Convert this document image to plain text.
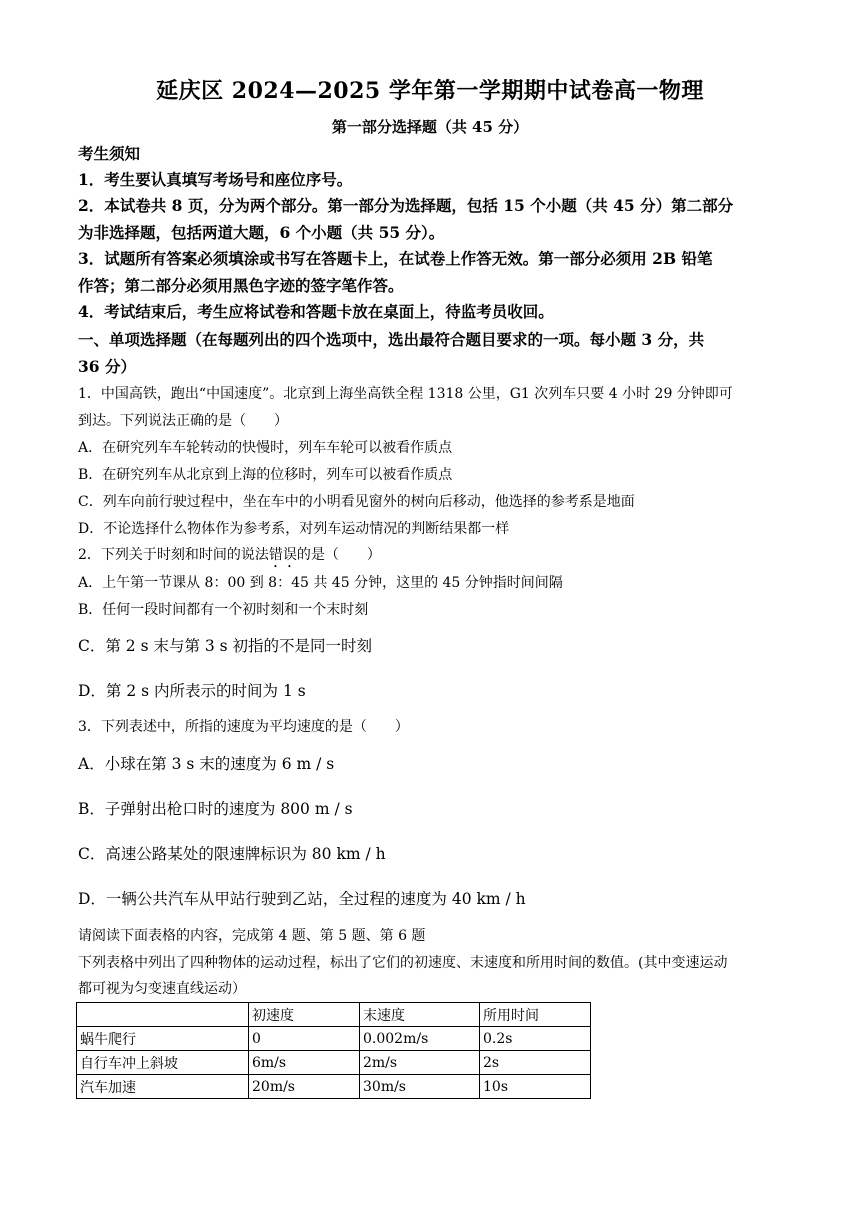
延庆区 2024—2025 学年第一学期期中试卷高一物理
第一部分选择题（共 45 分）
考生须知
1．考生要认真填写考场号和座位序号。
2．本试卷共 8 页，分为两个部分。第一部分为选择题，包括 15 个小题（共 45 分）第二部分
为非选择题，包括两道大题，6 个小题（共 55 分）。
3．试题所有答案必须填涂或书写在答题卡上，在试卷上作答无效。第一部分必须用 2B 铅笔
作答；第二部分必须用黑色字迹的签字笔作答。
4．考试结束后，考生应将试卷和答题卡放在桌面上，待监考员收回。
一、单项选择题（在每题列出的四个选项中，选出最符合题目要求的一项。每小题 3 分，共
36 分）
1．中国高铁，跑出“中国速度”。北京到上海坐高铁全程 1318 公里，G1 次列车只要 4 小时 29 分钟即可
到达。下列说法正确的是（　　）
A．在研究列车车轮转动的快慢时，列车车轮可以被看作质点
B．在研究列车从北京到上海的位移时，列车可以被看作质点
C．列车向前行驶过程中，坐在车中的小明看见窗外的树向后移动，他选择的参考系是地面
D．不论选择什么物体作为参考系，对列车运动情况的判断结果都一样
2．下列关于时刻和时间的说法错误的是（　　）
A．上午第一节课从 8：00 到 8：45 共 45 分钟，这里的 45 分钟指时间间隔
B．任何一段时间都有一个初时刻和一个末时刻
C．第 2 s 末与第 3 s 初指的不是同一时刻
D．第 2 s 内所表示的时间为 1 s
3．下列表述中，所指的速度为平均速度的是（　　）
A．小球在第 3 s 末的速度为 6 m / s
B．子弹射出枪口时的速度为 800 m / s
C．高速公路某处的限速牌标识为 80 km / h
D．一辆公共汽车从甲站行驶到乙站，全过程的速度为 40 km / h
请阅读下面表格的内容，完成第 4 题、第 5 题、第 6 题
下列表格中列出了四种物体的运动过程，标出了它们的初速度、末速度和所用时间的数值。(其中变速运动
都可视为匀变速直线运动）
	初速度	末速度	所用时间
蜗牛爬行	0	0.002m/s	0.2s
自行车冲上斜坡	6m/s	2m/s	2s
汽车加速	20m/s	30m/s	10s
